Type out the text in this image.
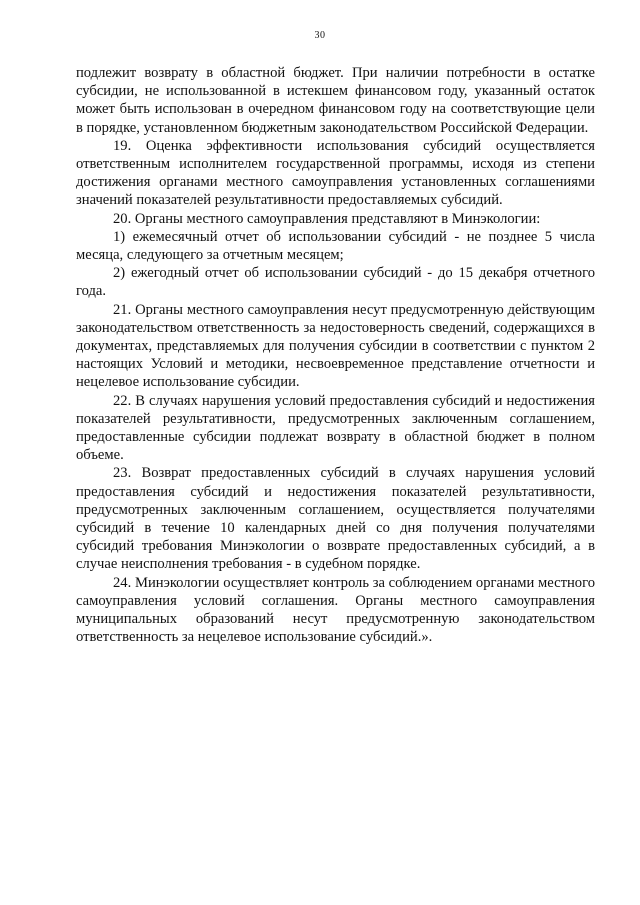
30

подлежит возврату в областной бюджет. При наличии потребности в остатке субсидии, не использованной в истекшем финансовом году, указанный остаток может быть использован в очередном финансовом году на соответствующие цели в порядке, установленном бюджетным законодательством Российской Федерации.

19. Оценка эффективности использования субсидий осуществляется ответственным исполнителем государственной программы, исходя из степени достижения органами местного самоуправления установленных соглашениями значений показателей результативности предоставляемых субсидий.

20. Органы местного самоуправления представляют в Минэкологии:

1) ежемесячный отчет об использовании субсидий - не позднее 5 числа месяца, следующего за отчетным месяцем;

2) ежегодный отчет об использовании субсидий - до 15 декабря отчетного года.

21. Органы местного самоуправления несут предусмотренную действующим законодательством ответственность за недостоверность сведений, содержащихся в документах, представляемых для получения субсидии в соответствии с пунктом 2 настоящих Условий и методики, несвоевременное представление отчетности и нецелевое использование субсидии.

22. В случаях нарушения условий предоставления субсидий и недостижения показателей результативности, предусмотренных заключенным соглашением, предоставленные субсидии подлежат возврату в областной бюджет в полном объеме.

23. Возврат предоставленных субсидий в случаях нарушения условий предоставления субсидий и недостижения показателей результативности, предусмотренных заключенным соглашением, осуществляется получателями субсидий в течение 10 календарных дней со дня получения получателями субсидий требования Минэкологии о возврате предоставленных субсидий, а в случае неисполнения требования - в судебном порядке.

24. Минэкологии осуществляет контроль за соблюдением органами местного самоуправления условий соглашения. Органы местного самоуправления муниципальных образований несут предусмотренную законодательством ответственность за нецелевое использование субсидий.».
